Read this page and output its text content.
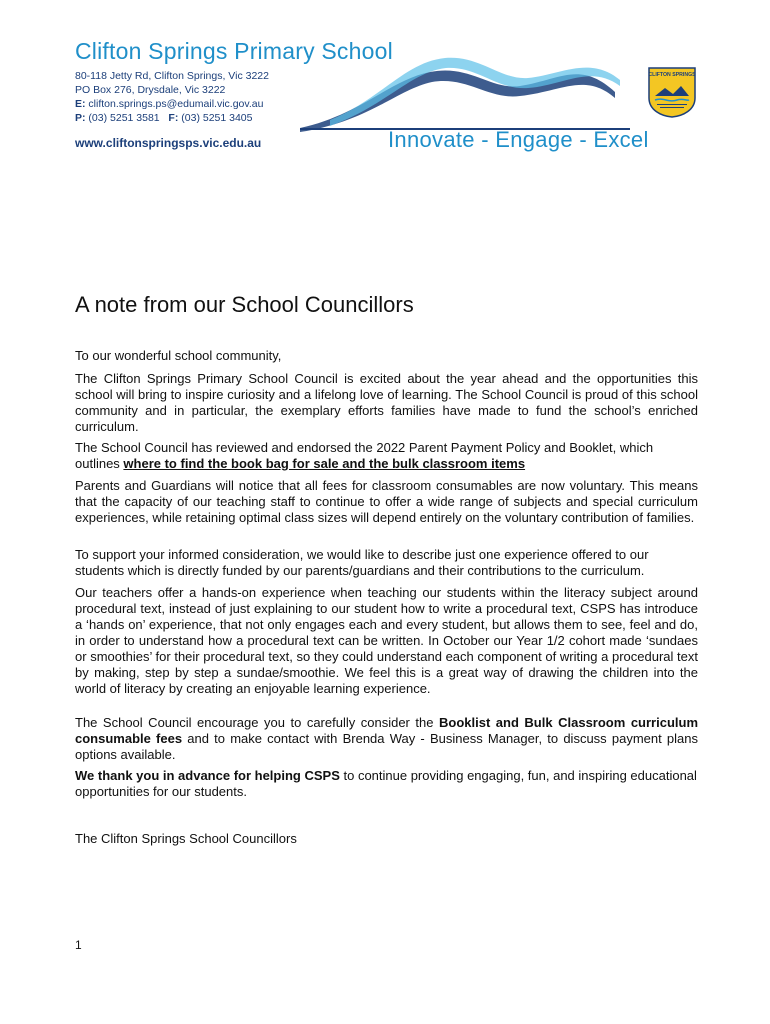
Clifton Springs Primary School
80-118 Jetty Rd, Clifton Springs, Vic 3222
PO Box 276, Drysdale, Vic 3222
E: clifton.springs.ps@edumail.vic.gov.au
P: (03) 5251 3581 F: (03) 5251 3405
www.cliftonspringsps.vic.edu.au	Innovate - Engage - Excel
CLIFTON SPRINGS
A note from our School Councillors

To our wonderful school community,

The Clifton Springs Primary School Council is excited about the year ahead and the opportunities this school will bring to inspire curiosity and a lifelong love of learning. The School Council is proud of this school community and in particular, the exemplary efforts families have made to fund the school’s enriched curriculum.

The School Council has reviewed and endorsed the 2022 Parent Payment Policy and Booklet, which outlines where to find the book bag for sale and the bulk classroom items

Parents and Guardians will notice that all fees for classroom consumables are now voluntary. This means that the capacity of our teaching staff to continue to offer a wide range of subjects and special curriculum experiences, while retaining optimal class sizes will depend entirely on the voluntary contribution of families.

To support your informed consideration, we would like to describe just one experience offered to our students which is directly funded by our parents/guardians and their contributions to the curriculum.

Our teachers offer a hands-on experience when teaching our students within the literacy subject around procedural text, instead of just explaining to our student how to write a procedural text, CSPS has introduce a ‘hands on’ experience, that not only engages each and every student, but allows them to see, feel and do, in order to understand how a procedural text can be written. In October our Year 1/2 cohort made ‘sundaes or smoothies’ for their procedural text, so they could understand each component of writing a procedural text by making, step by step a sundae/smoothie. We feel this is a great way of drawing the children into the world of literacy by creating an enjoyable learning experience.

The School Council encourage you to carefully consider the Booklist and Bulk Classroom curriculum consumable fees and to make contact with Brenda Way - Business Manager, to discuss payment plans options available.

We thank you in advance for helping CSPS to continue providing engaging, fun, and inspiring educational opportunities for our students.

The Clifton Springs School Councillors

1
